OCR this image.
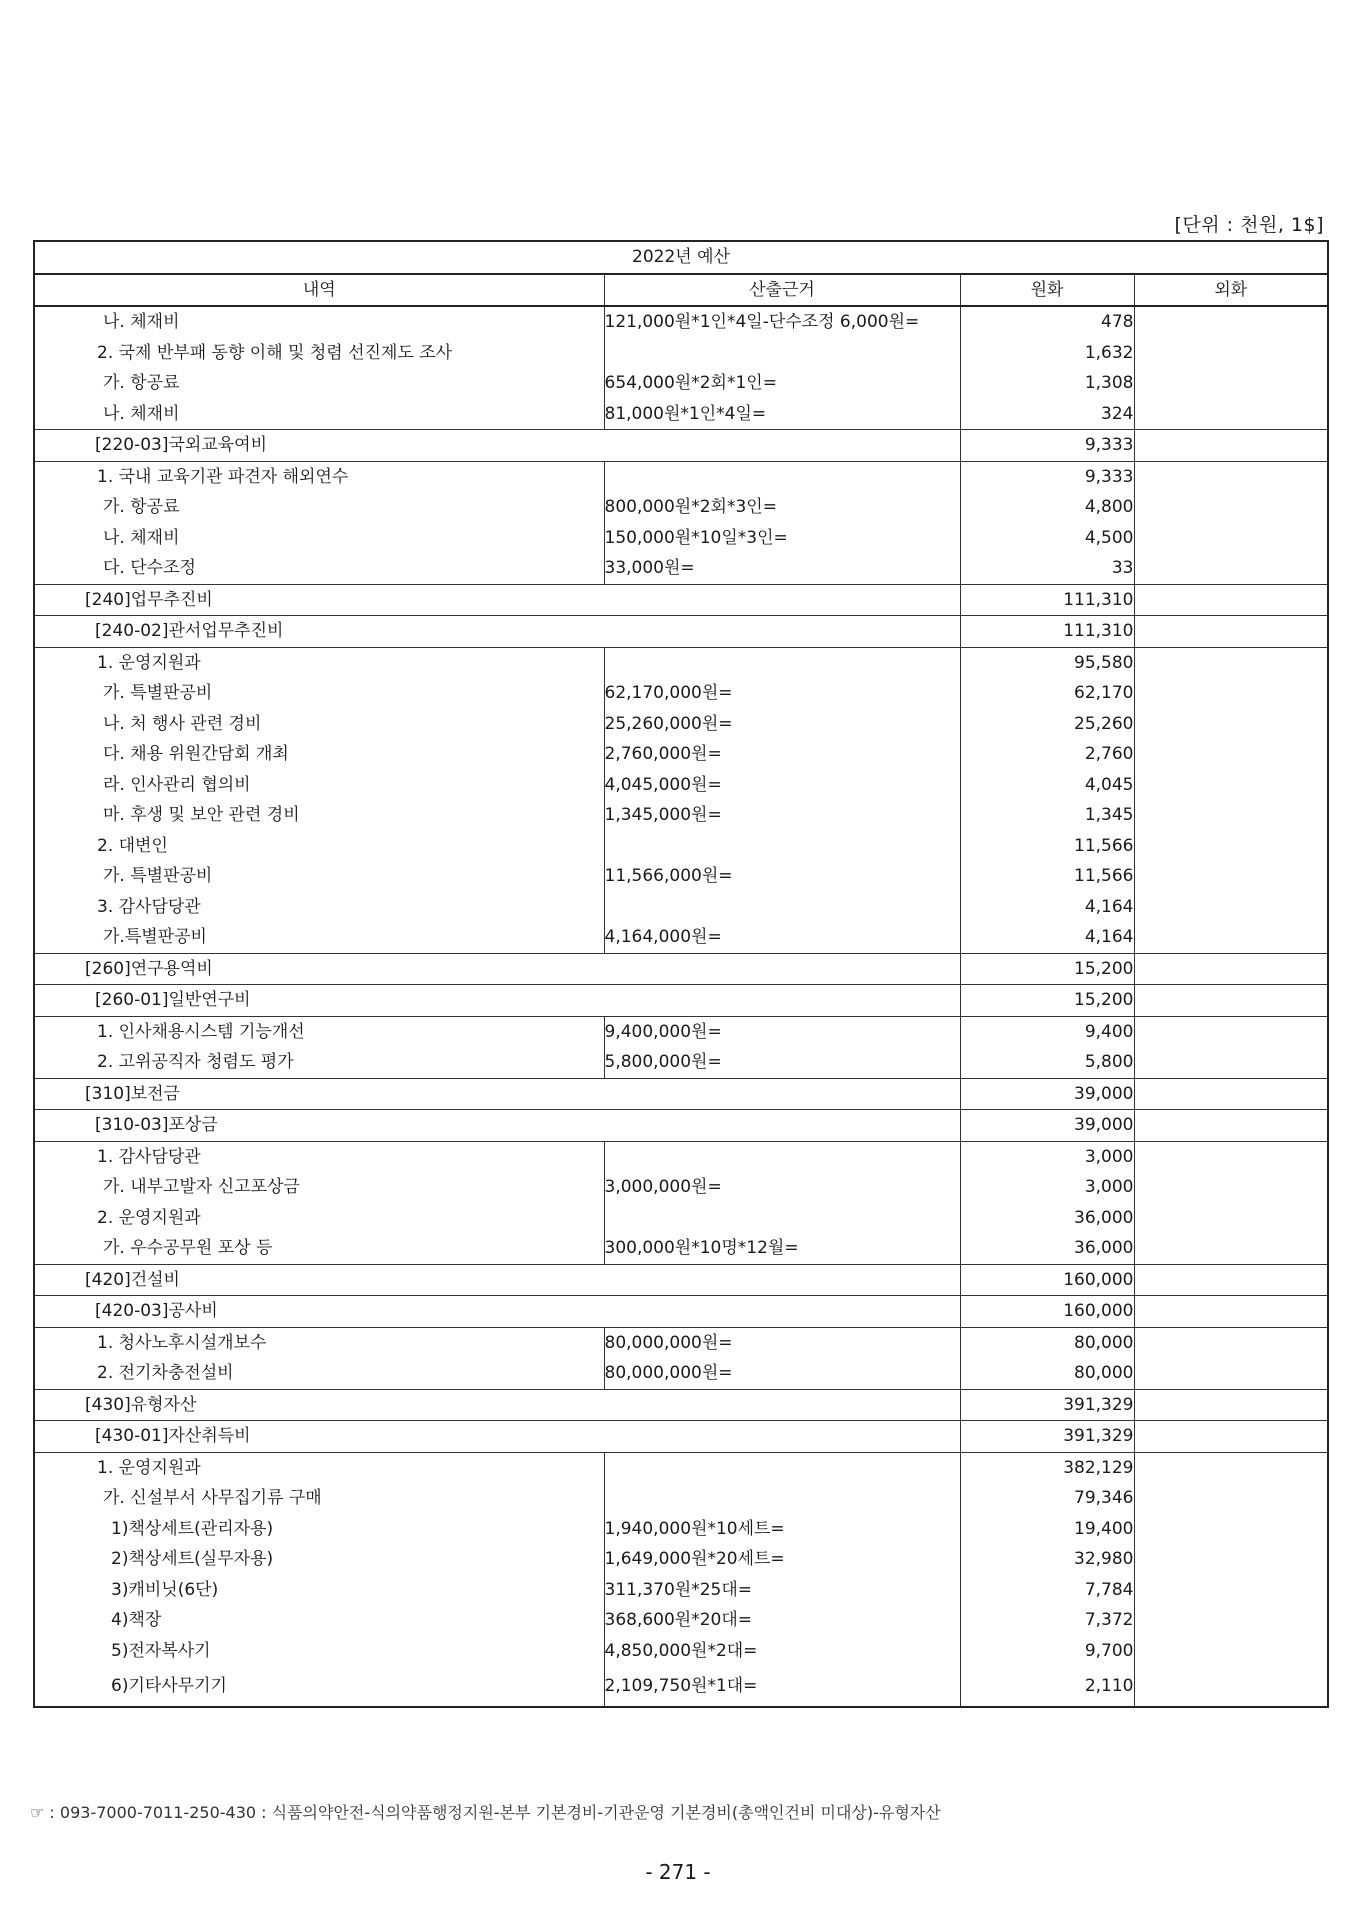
[단위 : 천원, 1$]
2022년 예산			
내역	산출근거	원화	외화
나. 체재비	121,000원*1인*4일-단수조정 6,000원=	478	
2. 국제 반부패 동향 이해 및 청렴 선진제도 조사		1,632	
가. 항공료	654,000원*2회*1인=	1,308	
나. 체재비	81,000원*1인*4일=	324	
[220-03]국외교육여비		9,333	
1. 국내 교육기관 파견자 해외연수		9,333	
가. 항공료	800,000원*2회*3인=	4,800	
나. 체재비	150,000원*10일*3인=	4,500	
다. 단수조정	33,000원=	33	
[240]업무추진비		111,310	
[240-02]관서업무추진비		111,310	
1. 운영지원과		95,580	
가. 특별판공비	62,170,000원=	62,170	
나. 처 행사 관련 경비	25,260,000원=	25,260	
다. 채용 위원간담회 개최	2,760,000원=	2,760	
라. 인사관리 협의비	4,045,000원=	4,045	
마. 후생 및 보안 관련 경비	1,345,000원=	1,345	
2. 대변인		11,566	
가. 특별판공비	11,566,000원=	11,566	
3. 감사담당관		4,164	
가.특별판공비	4,164,000원=	4,164	
[260]연구용역비		15,200	
[260-01]일반연구비		15,200	
1. 인사채용시스템 기능개선	9,400,000원=	9,400	
2. 고위공직자 청렴도 평가	5,800,000원=	5,800	
[310]보전금		39,000	
[310-03]포상금		39,000	
1. 감사담당관		3,000	
가. 내부고발자 신고포상금	3,000,000원=	3,000	
2. 운영지원과		36,000	
가. 우수공무원 포상 등	300,000원*10명*12월=	36,000	
[420]건설비		160,000	
[420-03]공사비		160,000	
1. 청사노후시설개보수	80,000,000원=	80,000	
2. 전기차충전설비	80,000,000원=	80,000	
[430]유형자산		391,329	
[430-01]자산취득비		391,329	
1. 운영지원과		382,129	
가. 신설부서 사무집기류 구매		79,346	
1)책상세트(관리자용)	1,940,000원*10세트=	19,400	
2)책상세트(실무자용)	1,649,000원*20세트=	32,980	
3)캐비닛(6단)	311,370원*25대=	7,784	
4)책장	368,600원*20대=	7,372	
5)전자복사기	4,850,000원*2대=	9,700	
6)기타사무기기	2,109,750원*1대=	2,110	
☞ : 093-7000-7011-250-430 : 식품의약안전-식의약품행정지원-본부 기본경비-기관운영 기본경비(총액인건비 미대상)-유형자산
- 271 -
